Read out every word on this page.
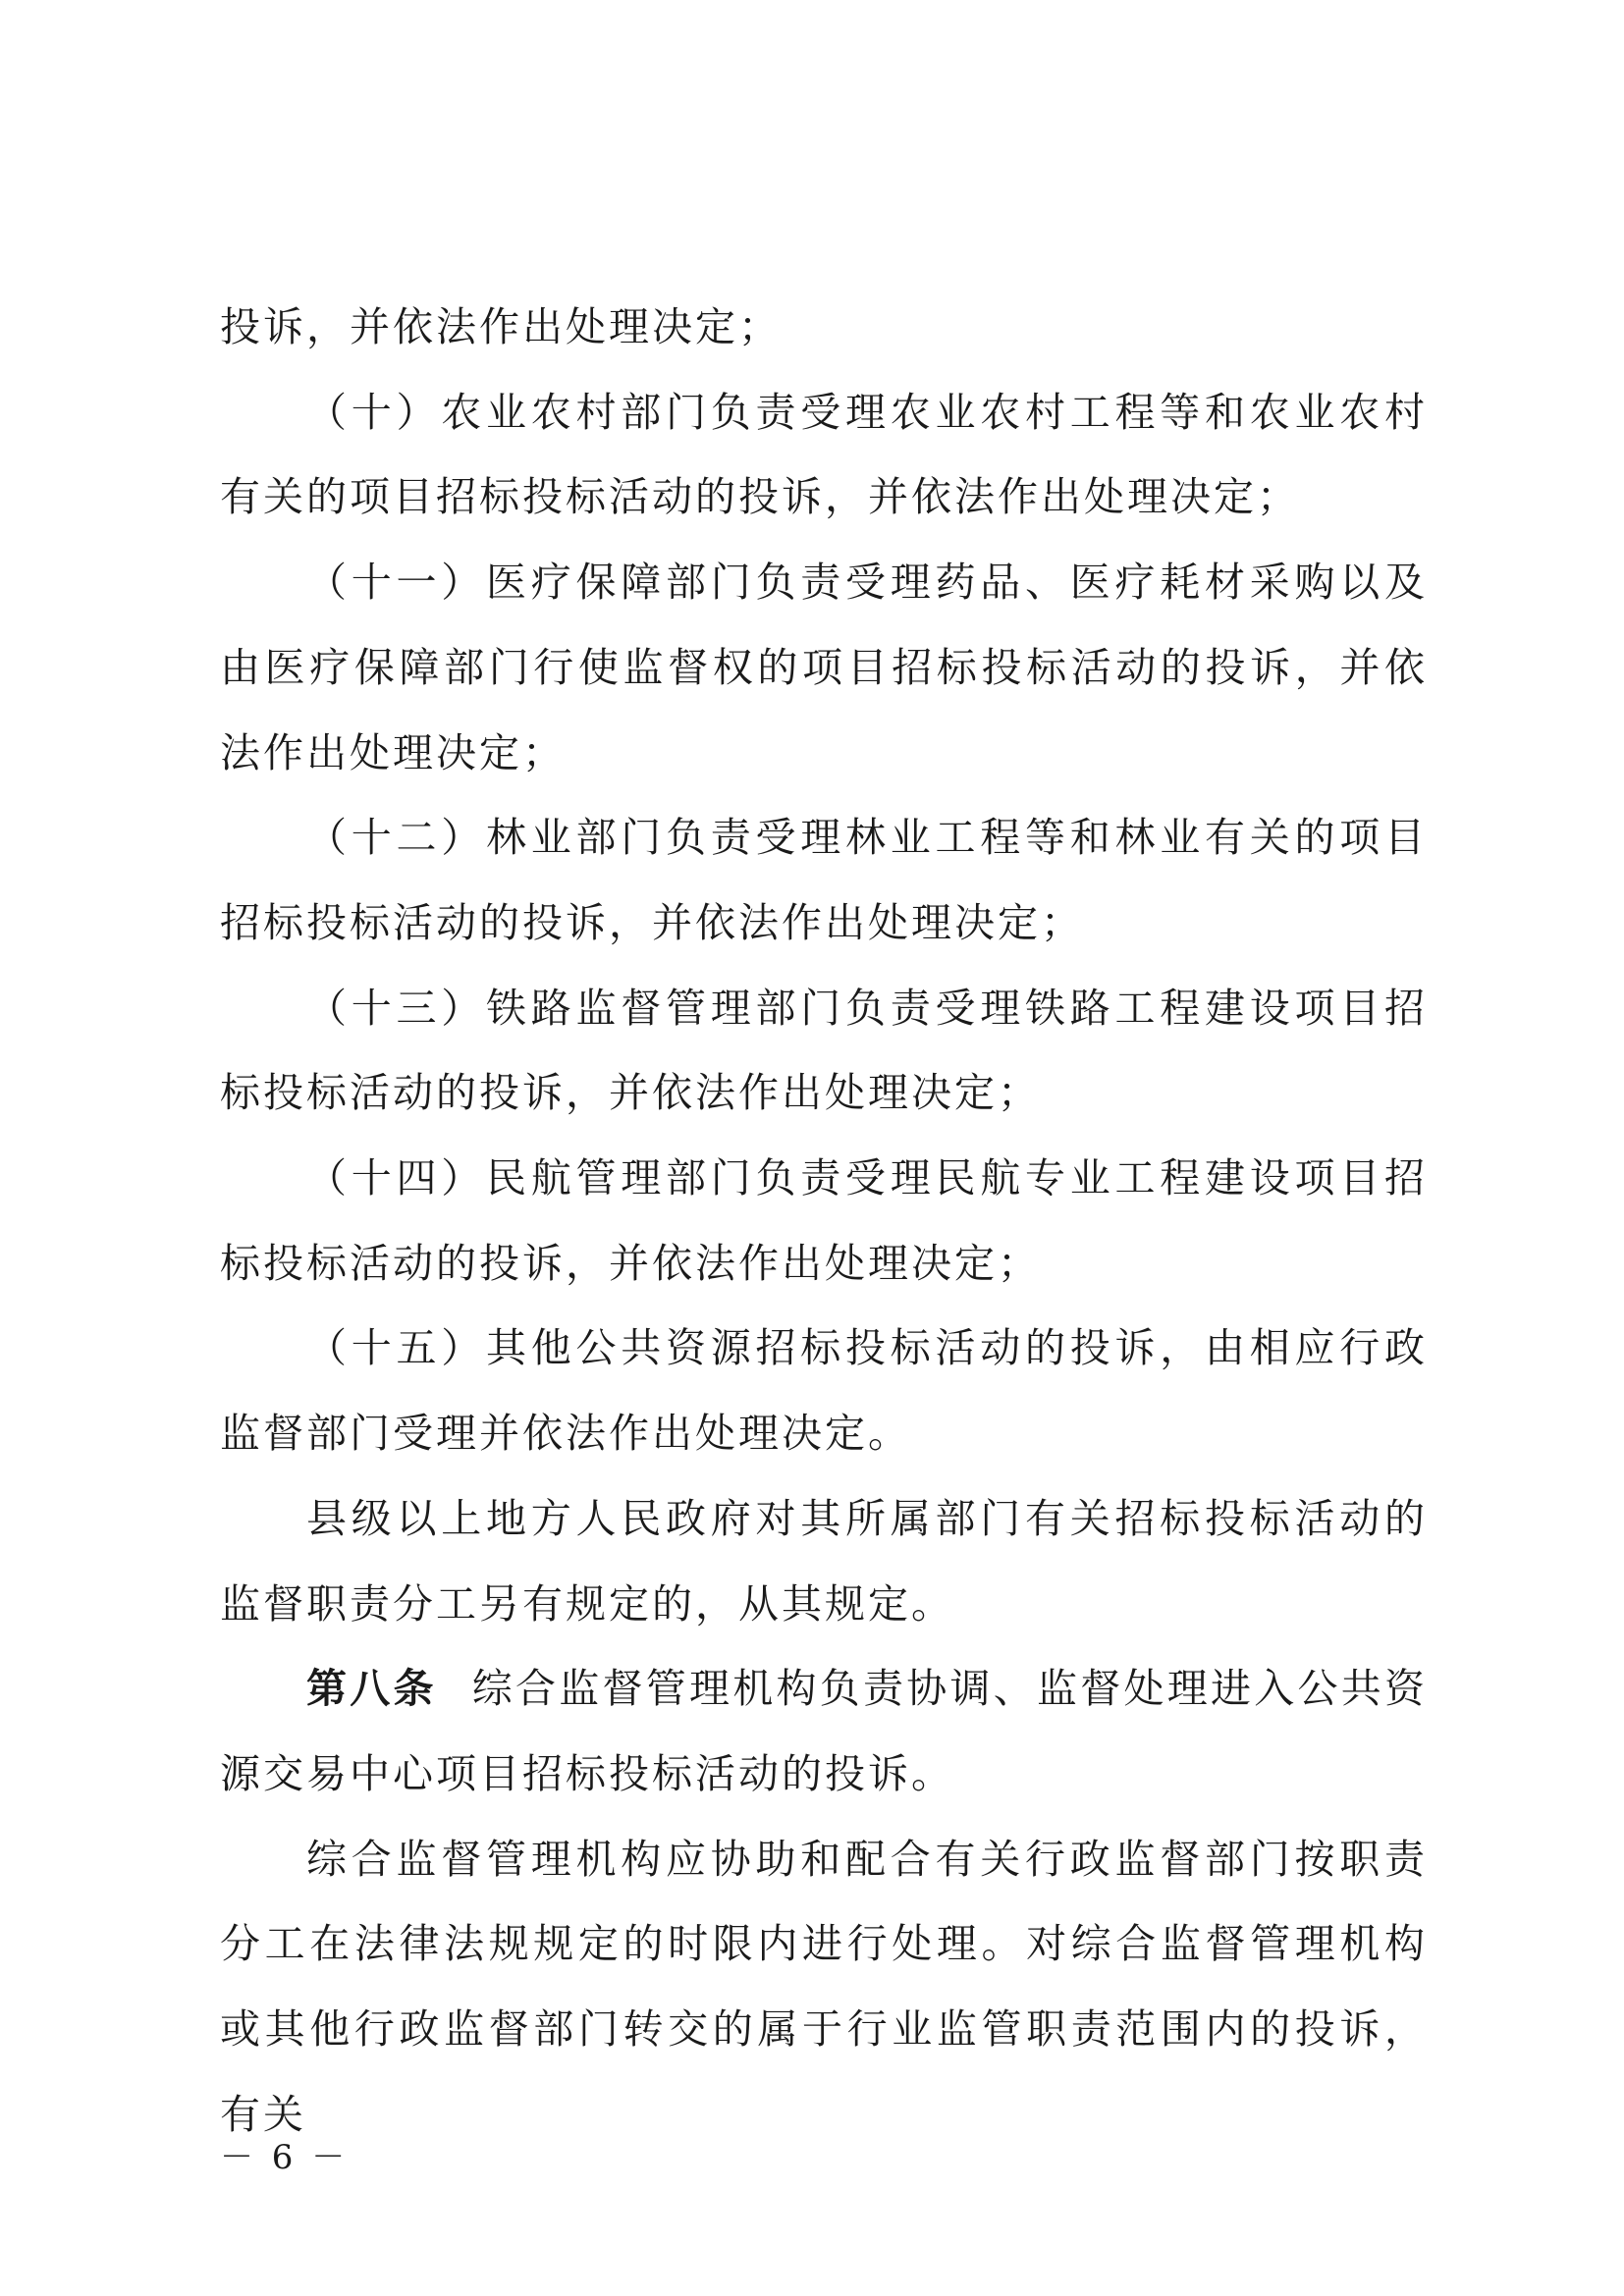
投诉，并依法作出处理决定；

（十）农业农村部门负责受理农业农村工程等和农业农村有关的项目招标投标活动的投诉，并依法作出处理决定；

（十一）医疗保障部门负责受理药品、医疗耗材采购以及由医疗保障部门行使监督权的项目招标投标活动的投诉，并依法作出处理决定；

（十二）林业部门负责受理林业工程等和林业有关的项目招标投标活动的投诉，并依法作出处理决定；

（十三）铁路监督管理部门负责受理铁路工程建设项目招标投标活动的投诉，并依法作出处理决定；

（十四）民航管理部门负责受理民航专业工程建设项目招标投标活动的投诉，并依法作出处理决定；

（十五）其他公共资源招标投标活动的投诉，由相应行政监督部门受理并依法作出处理决定。

县级以上地方人民政府对其所属部门有关招标投标活动的监督职责分工另有规定的，从其规定。

第八条 综合监督管理机构负责协调、监督处理进入公共资源交易中心项目招标投标活动的投诉。

综合监督管理机构应协助和配合有关行政监督部门按职责分工在法律法规规定的时限内进行处理。对综合监督管理机构或其他行政监督部门转交的属于行业监管职责范围内的投诉，有关

－ 6 －
